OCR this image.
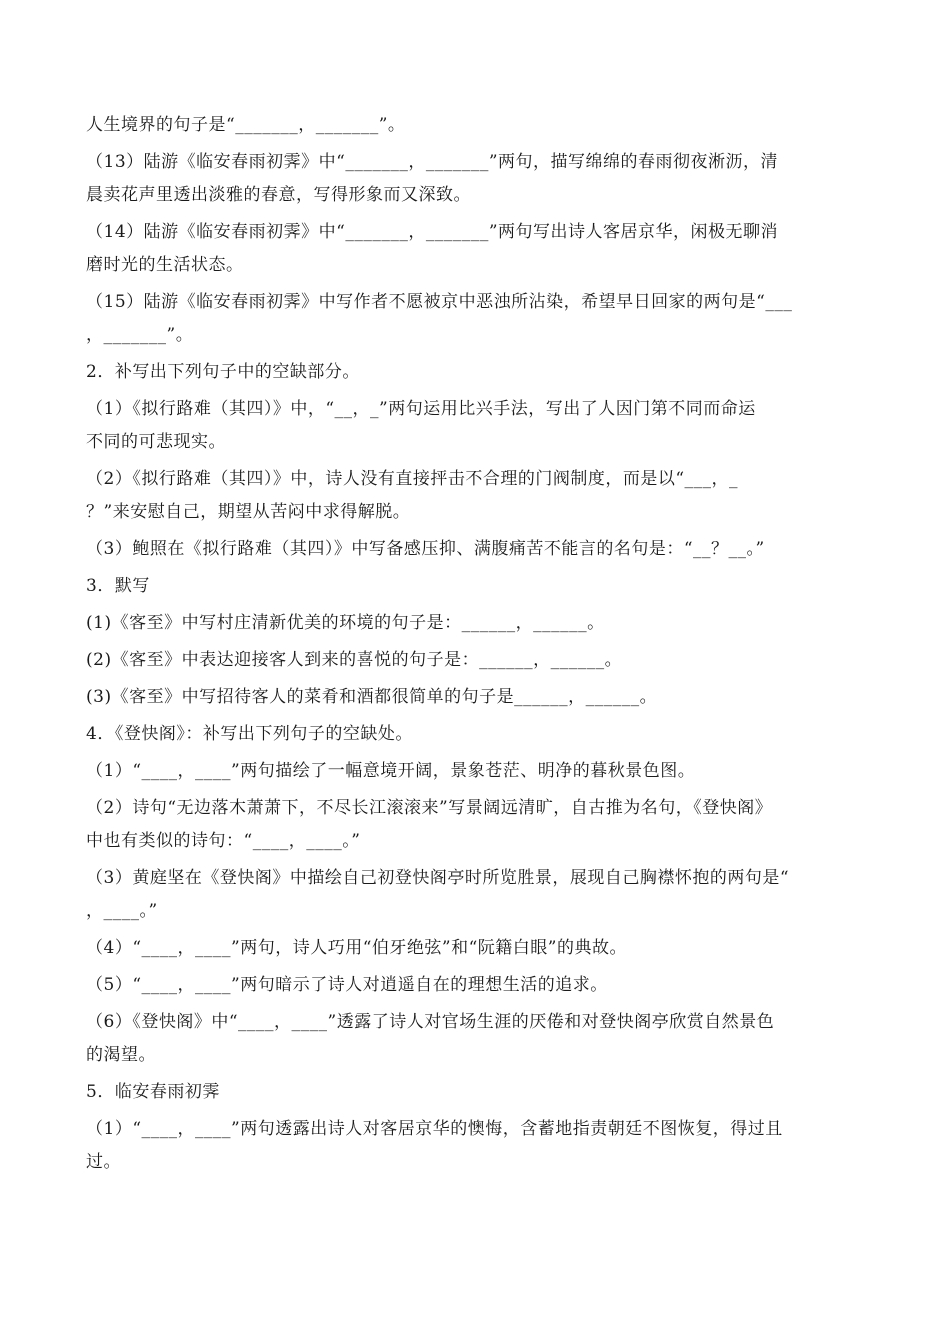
人生境界的句子是“_______，_______”。
（13）陆游《临安春雨初霁》中“_______，_______”两句，描写绵绵的春雨彻夜淅沥，清
晨卖花声里透出淡雅的春意，写得形象而又深致。
（14）陆游《临安春雨初霁》中“_______，_______”两句写出诗人客居京华，闲极无聊消
磨时光的生活状态。
（15）陆游《临安春雨初霁》中写作者不愿被京中恶浊所沾染，希望早日回家的两句是“___
，_______”。
2．补写出下列句子中的空缺部分。
（1）《拟行路难（其四）》中，“__，_”两句运用比兴手法，写出了人因门第不同而命运
不同的可悲现实。
（2）《拟行路难（其四）》中，诗人没有直接抨击不合理的门阀制度，而是以“___，_
？”来安慰自己，期望从苦闷中求得解脱。
（3）鲍照在《拟行路难（其四）》中写备感压抑、满腹痛苦不能言的名句是：“__？__。”
3．默写
(1)《客至》中写村庄清新优美的环境的句子是：______，______。
(2)《客至》中表达迎接客人到来的喜悦的句子是：______，______。
(3)《客至》中写招待客人的菜肴和酒都很简单的句子是______，______。
4．《登快阁》：补写出下列句子的空缺处。
（1）“____，____”两句描绘了一幅意境开阔，景象苍茫、明净的暮秋景色图。
（2）诗句“无边落木萧萧下，不尽长江滚滚来”写景阔远清旷，自古推为名句，《登快阁》
中也有类似的诗句：“____，____。”
（3）黄庭坚在《登快阁》中描绘自己初登快阁亭时所览胜景，展现自己胸襟怀抱的两句是“
，____。”
（4）“____，____”两句，诗人巧用“伯牙绝弦”和“阮籍白眼”的典故。
（5）“____，____”两句暗示了诗人对逍遥自在的理想生活的追求。
（6）《登快阁》中“____，____”透露了诗人对官场生涯的厌倦和对登快阁亭欣赏自然景色
的渴望。
5．临安春雨初霁
（1）“____，____”两句透露出诗人对客居京华的懊悔，含蓄地指责朝廷不图恢复，得过且
过。
